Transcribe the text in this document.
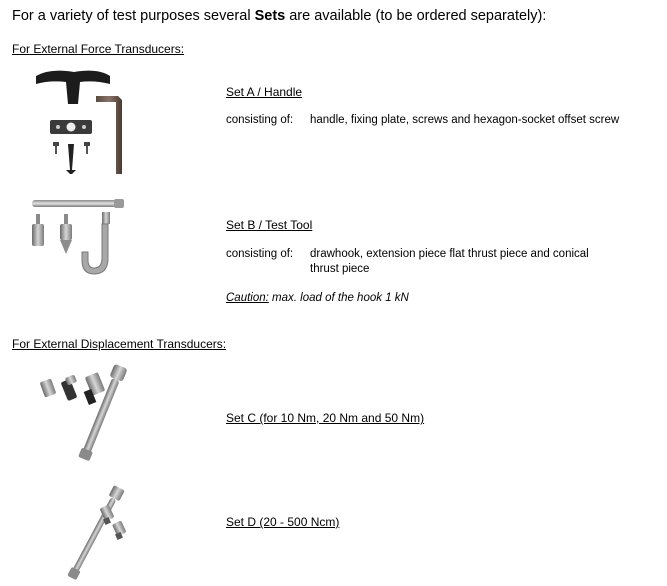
For a variety of test purposes several Sets are available (to be ordered separately):
For External Force Transducers:
Set A / Handle
consisting of: handle, fixing plate, screws and hexagon-socket offset screw
Set B / Test Tool
consisting of: drawhook, extension piece flat thrust piece and conical
thrust piece
Caution: max. load of the hook 1 kN
For External Displacement Transducers:
Set C (for 10 Nm, 20 Nm and 50 Nm)
Set D (20 - 500 Ncm)
